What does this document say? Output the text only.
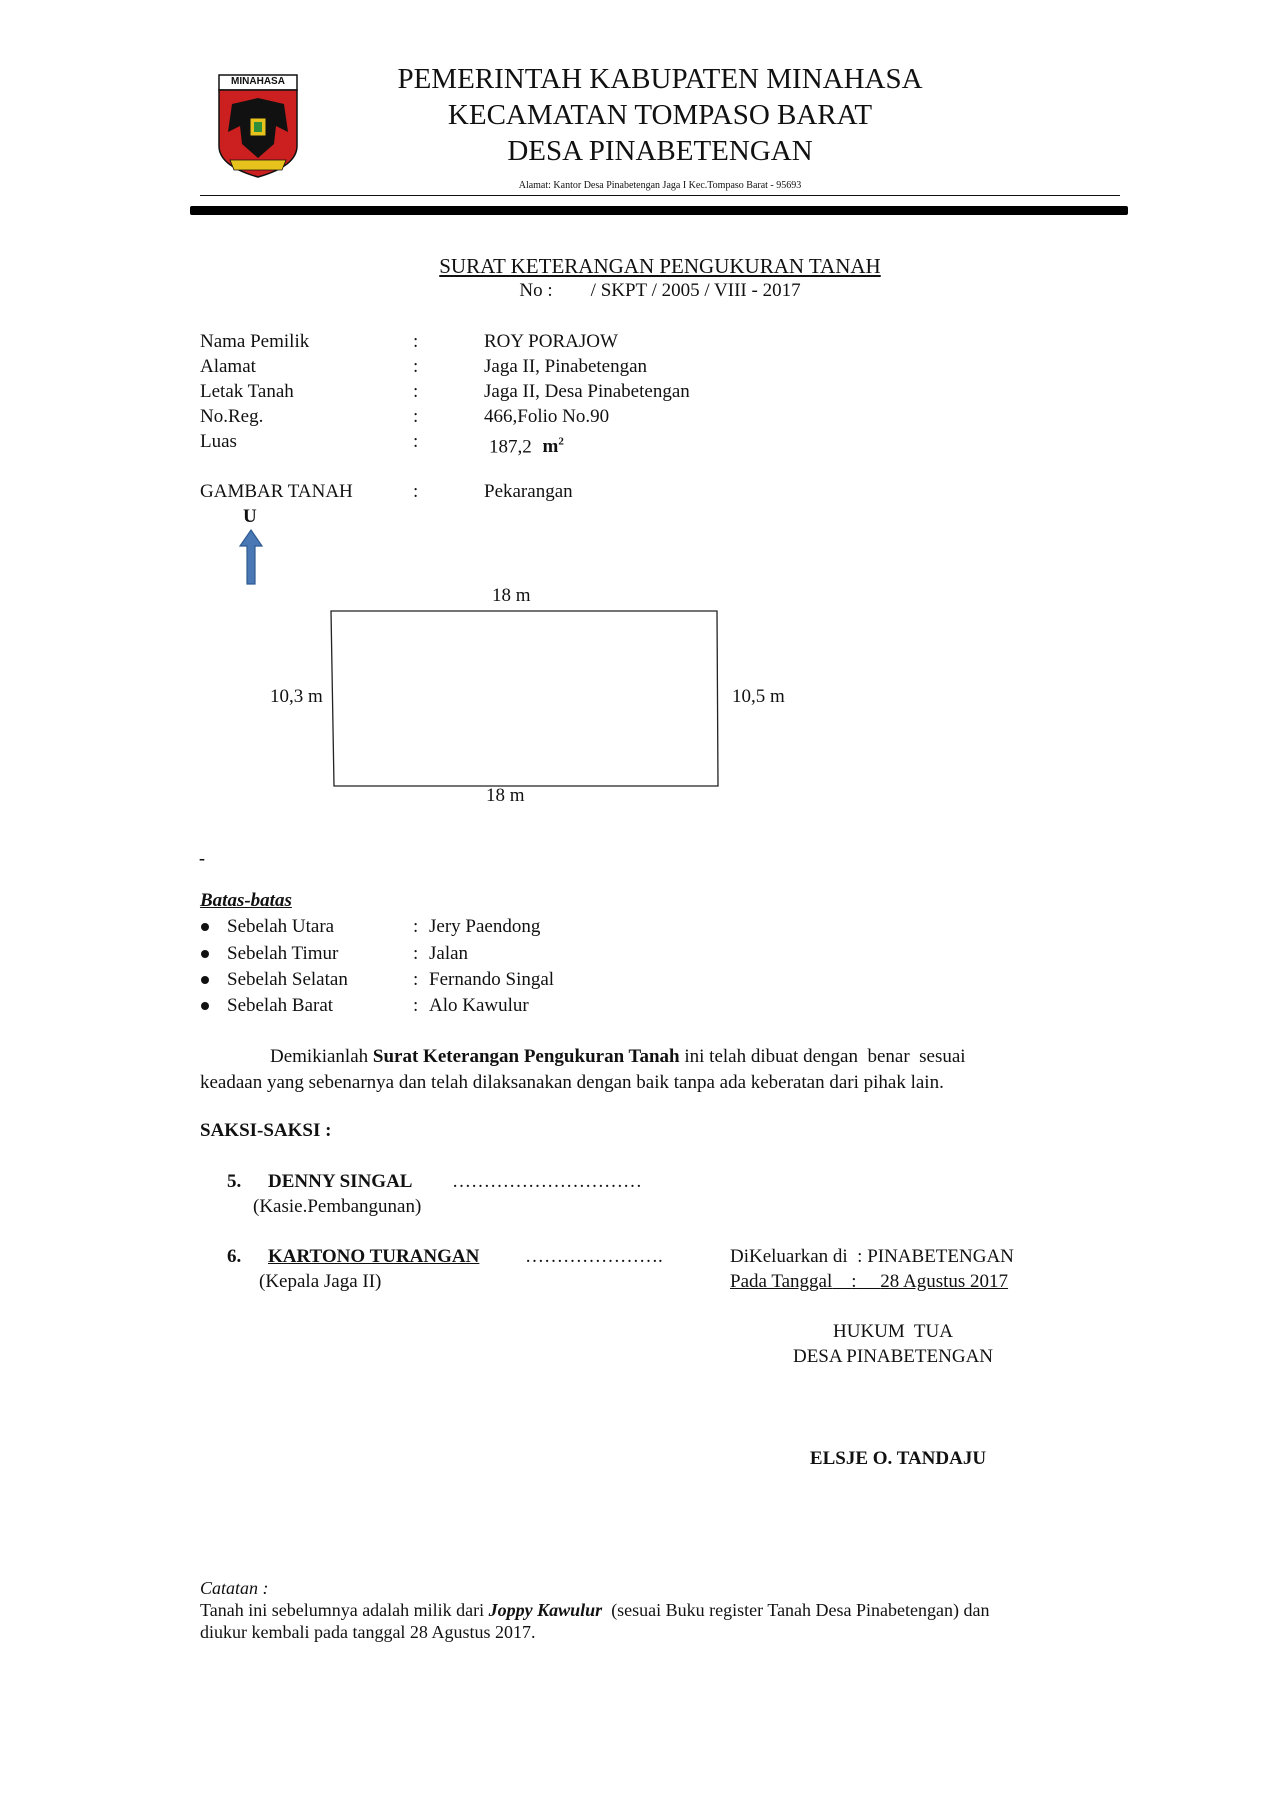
MINAHASA	PEMERINTAH KABUPATEN MINAHASA
KECAMATAN TOMPASO BARAT
DESA PINABETENGAN
Alamat: Kantor Desa Pinabetengan Jaga I Kec.Tompaso Barat - 95693
SURAT KETERANGAN PENGUKURAN TANAH
No :        / SKPT / 2005 / VIII - 2017
Nama Pemilik	:	ROY PORAJOW
Alamat	:	Jaga II, Pinabetengan
Letak Tanah	:	Jaga II, Desa Pinabetengan
No.Reg.	:	466,Folio No.90
Luas	:	187,2 $m^2$
GAMBAR TANAH	:	Pekarangan
U
18 m
18 m
10,3 m	10,5 m
-
Batas-batas
Sebelah Utara	: Jery Paendong
Sebelah Timur	: Jalan
Sebelah Selatan	: Fernando Singal
Sebelah Barat	: Alo Kawulur
Demikianlah Surat Keterangan Pengukuran Tanah ini telah dibuat dengan  benar  sesuai
keadaan yang sebenarnya dan telah dilaksanakan dengan baik tanpa ada keberatan dari pihak lain.
SAKSI-SAKSI :
5. DENNY SINGAL …………………………
(Kasie.Pembangunan)
6. KARTONO TURANGAN ………………….
(Kepala Jaga II)
DiKeluarkan di : PINABETENGAN
Pada Tanggal : 28 Agustus 2017
HUKUM  TUA
DESA PINABETENGAN
ELSJE O. TANDAJU
Catatan :
Tanah ini sebelumnya adalah milik dari Joppy Kawulur  (sesuai Buku register Tanah Desa Pinabetengan) dan
diukur kembali pada tanggal 28 Agustus 2017.
